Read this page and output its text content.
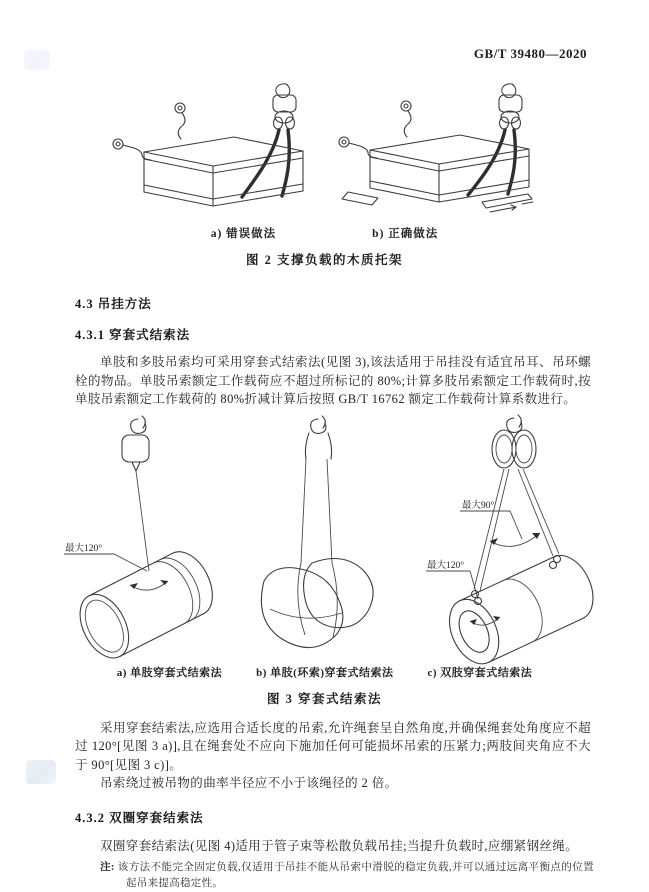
GB/T 39480—2020
a) 错误做法	b) 正确做法
图 2 支撑负载的木质托架
4.3 吊挂方法
4.3.1 穿套式结索法

单肢和多肢吊索均可采用穿套式结索法(见图 3),该法适用于吊挂没有适宜吊耳、吊环螺栓的物品。单肢吊索额定工作载荷应不超过所标记的 80%;计算多肢吊索额定工作载荷时,按单肢吊索额定工作载荷的 80%折减计算后按照 GB/T 16762 额定工作载荷计算系数进行。

最大120°
最大90°
最大120°
a) 单肢穿套式结索法	b) 单肢(环索)穿套式结索法	c) 双肢穿套式结索法
图 3 穿套式结索法

采用穿套结索法,应选用合适长度的吊索,允许绳套呈自然角度,并确保绳套处角度应不超过 120°[见图 3 a)],且在绳套处不应向下施加任何可能损坏吊索的压紧力;两肢间夹角应不大于 90°[见图 3 c)]。

吊索绕过被吊物的曲率半径应不小于该绳径的 2 倍。

4.3.2 双圈穿套结索法

双圈穿套结索法(见图 4)适用于管子束等松散负载吊挂;当提升负载时,应绷紧钢丝绳。

注: 该方法不能完全固定负载,仅适用于吊挂不能从吊索中滑脱的稳定负载,并可以通过远离平衡点的位置起吊来提高稳定性。
